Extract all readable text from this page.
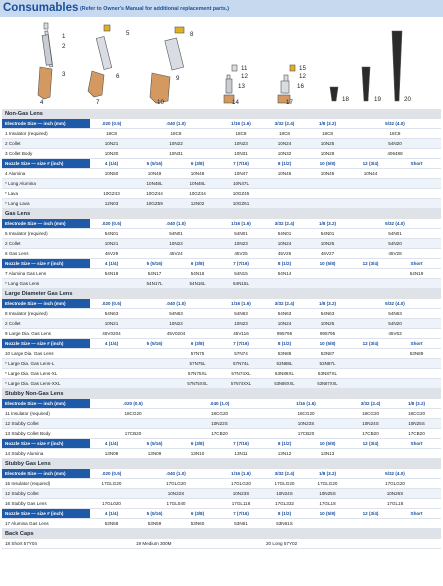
Consumables (Refer to Owner's Manual for additional replacement parts.)
1
2
3
4
5
6
7
8
9
10
11
12
13
14
15
12
16
17	18	19	20
Non-Gas Lens								
Electrode Size — inch (mm)	.020 (0.5)	.040 (1.0)		1/16 (1.6)	3/32 (2.4)	1/8 (3.2)	5/32 (4.0)	
1 Insulator (required)	18C8	18C8		18C8	18C8	18C8	18C8	
2 Collet	10N21	10N22		10N23	10N24	10N25	54N20	
3 Collet Body	10N30	10N31		10N31	10N32	10N28	406488	
Nozzle Size — size # (inch)	4 (1/4)	5 (5/16)	6 (3/8)	7 (7/16)	8 (1/2)	10 (5/8)	12 (3/4)	Short
4 Alumina	10N50	10N49	10N48	10N47	10N46	10N45	10N44	
* Long Alumina		10N48L	10N48L	10N47L				
* Lava	10GZ43	10GZ44	10GZ44	10GZ45				
* Long Lava	12N03	10GZ59	12N02	10GZ61				
Gas Lens								
Electrode Size — inch (mm)	.020 (0.5)	.040 (1.0)		1/16 (1.6)	3/32 (2.4)	1/8 (3.2)	5/32 (4.0)	
5 Insulator (required)	54N01	54N01		54N01	54N01	54N01	54N01	
2 Collet	10N21	10N22		10N23	10N24	10N25	54N20	
6 Gas Lens	45V29	45V24		45V25	45V26	45V27	45V28	
Nozzle Size — size # (inch)	4 (1/4)	5 (5/16)	6 (3/8)	7 (7/16)	8 (1/2)	10 (5/8)	12 (3/4)	Short
7 Alumina Gas Lens	54N18	54N17	54N16	54N15	54N14			54N19
* Long Gas Lens		54N17L	54N16L	54N15L				
Large Diameter Gas Lens								
Electrode Size — inch (mm)	.020 (0.5)	.040 (1.0)		1/16 (1.6)	3/32 (2.4)	1/8 (3.2)	5/32 (4.0)	
8 Insulator (required)	54N63	54N63		54N63	54N63	54N63	54N63	
2 Collet	10N21	10N22		10N23	10N24	10N25	54N20	
9 Large Dia. Gas Lens	45V0204	45V0204		45V116	995795	995795	45V63	
Nozzle Size — size # (inch)	4 (1/4)	5 (5/16)	6 (3/8)	7 (7/16)	8 (1/2)	10 (5/8)	12 (3/4)	Short
10 Large Dia. Gas Lens			57N75	57N74	53N88	53N87		53N89
* Large Dia. Gas Lens-L			57N75L	57N74L	53N88L	53N87L		
* Large Dia. Gas Lens-XL			57N75XL	57N74XL	53N88XL	53N87XL		
* Large Dia. Gas Lens-XXL			57N75XXL	57N74XXL	53N88XXL	53N87XXL		
Stubby Non-Gas Lens								
Electrode Size — inch (mm)	.020 (0.5)		.040 (1.0)		1/16 (1.6)		3/32 (2.4)	1/8 (3.2)
11 Insulator (required)	18CG20		18CG20		18CG20		18CG20	18CG20
12 Stubby Collet			10N22S		10N23S		10N24S	10N25S
13 Stubby Collet Body	17CB20		17CB20		17CB20		17CB20	17CB20
Nozzle Size — size # (inch)	4 (1/4)	5 (5/16)	6 (3/8)	7 (7/16)	8 (1/2)	10 (5/8)	12 (3/4)	Short
14 Stubby Alumina	13N08	13N09	13N10	13N11	13N12	13N13		
Stubby Gas Lens								
Electrode Size — inch (mm)	.020 (0.5)	.040 (1.0)		1/16 (1.6)	3/32 (2.4)	1/8 (3.2)	5/32 (4.0)	
15 Insulator (required)	17GLG20	17GLG20		17GLG20	17GLG20	17GLG20	17GLG20	
12 Stubby Collet		10N22S		10N23S	10N24S	10N25S	10N26S	
16 Stubby Gas Lens	17GL020	17GL040		17GL116	17GL332	17GL18	17GL18	
Nozzle Size — size # (inch)	4 (1/4)	5 (5/16)	6 (3/8)	7 (7/16)	8 (1/2)	10 (5/8)	12 (3/4)	Short
17 Alumina Gas Lens	53N58	53N59	53N60	53N61	53N61S			
Back Caps								
18 Short 57Y04		19 Medium 300M			20 Long 57Y02			
